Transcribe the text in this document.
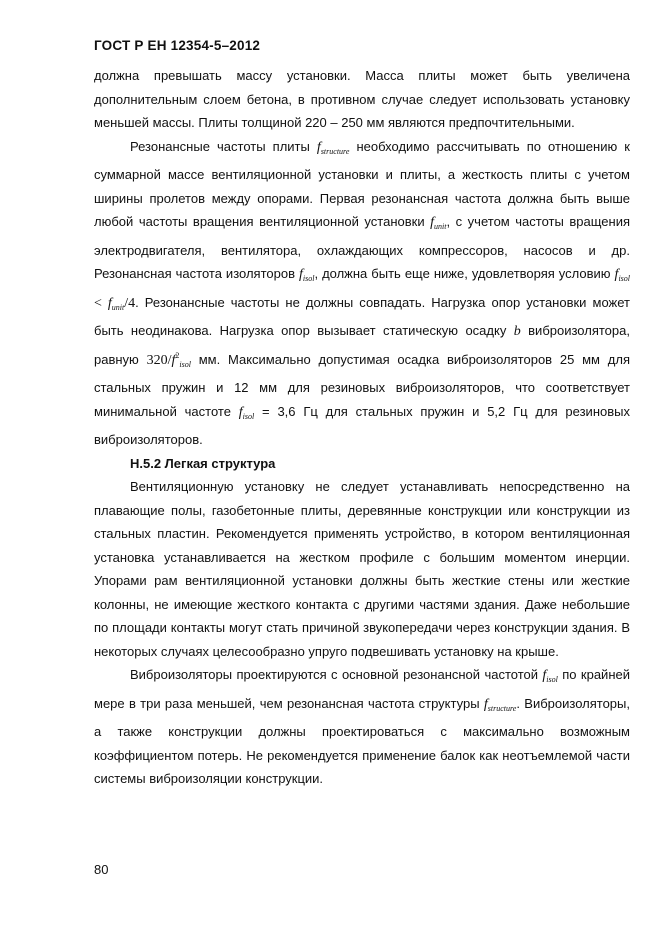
ГОСТ Р ЕН 12354-5–2012

должна превышать массу установки. Масса плиты может быть увеличена дополнительным слоем бетона, в противном случае следует использовать установку меньшей массы. Плиты толщиной 220 – 250 мм являются предпочтительными.

Резонансные частоты плиты $f_{structure}$ необходимо рассчитывать по отношению к суммарной массе вентиляционной установки и плиты, а жесткость плиты с учетом ширины пролетов между опорами. Первая резонансная частота должна быть выше любой частоты вращения вентиляционной установки $f_{unit}$, с учетом частоты вращения электродвигателя, вентилятора, охлаждающих компрессоров, насосов и др. Резонансная частота изоляторов $f_{isol}$, должна быть еще ниже, удовлетворяя условию $f_{isol} < f_{unit}/4$. Резонансные частоты не должны совпадать. Нагрузка опор установки может быть неодинакова. Нагрузка опор вызывает статическую осадку b виброизолятора, равную $320/f^2_{isol}$ мм. Максимально допустимая осадка виброизоляторов 25 мм для стальных пружин и 12 мм для резиновых виброизоляторов, что соответствует минимальной частоте $f_{isol} = 3,6$ Гц для стальных пружин и 5,2 Гц для резиновых виброизоляторов.

Н.5.2 Легкая структура

Вентиляционную установку не следует устанавливать непосредственно на плавающие полы, газобетонные плиты, деревянные конструкции или конструкции из стальных пластин. Рекомендуется применять устройство, в котором вентиляционная установка устанавливается на жестком профиле с большим моментом инерции. Упорами рам вентиляционной установки должны быть жесткие стены или жесткие колонны, не имеющие жесткого контакта с другими частями здания. Даже небольшие по площади контакты могут стать причиной звукопередачи через конструкции здания. В некоторых случаях целесообразно упруго подвешивать установку на крыше.

Виброизоляторы проектируются с основной резонансной частотой $f_{isol}$ по крайней мере в три раза меньшей, чем резонансная частота структуры $f_{structure}$. Виброизоляторы, а также конструкции должны проектироваться с максимально возможным коэффициентом потерь. Не рекомендуется применение балок как неотъемлемой части системы виброизоляции конструкции.

80
